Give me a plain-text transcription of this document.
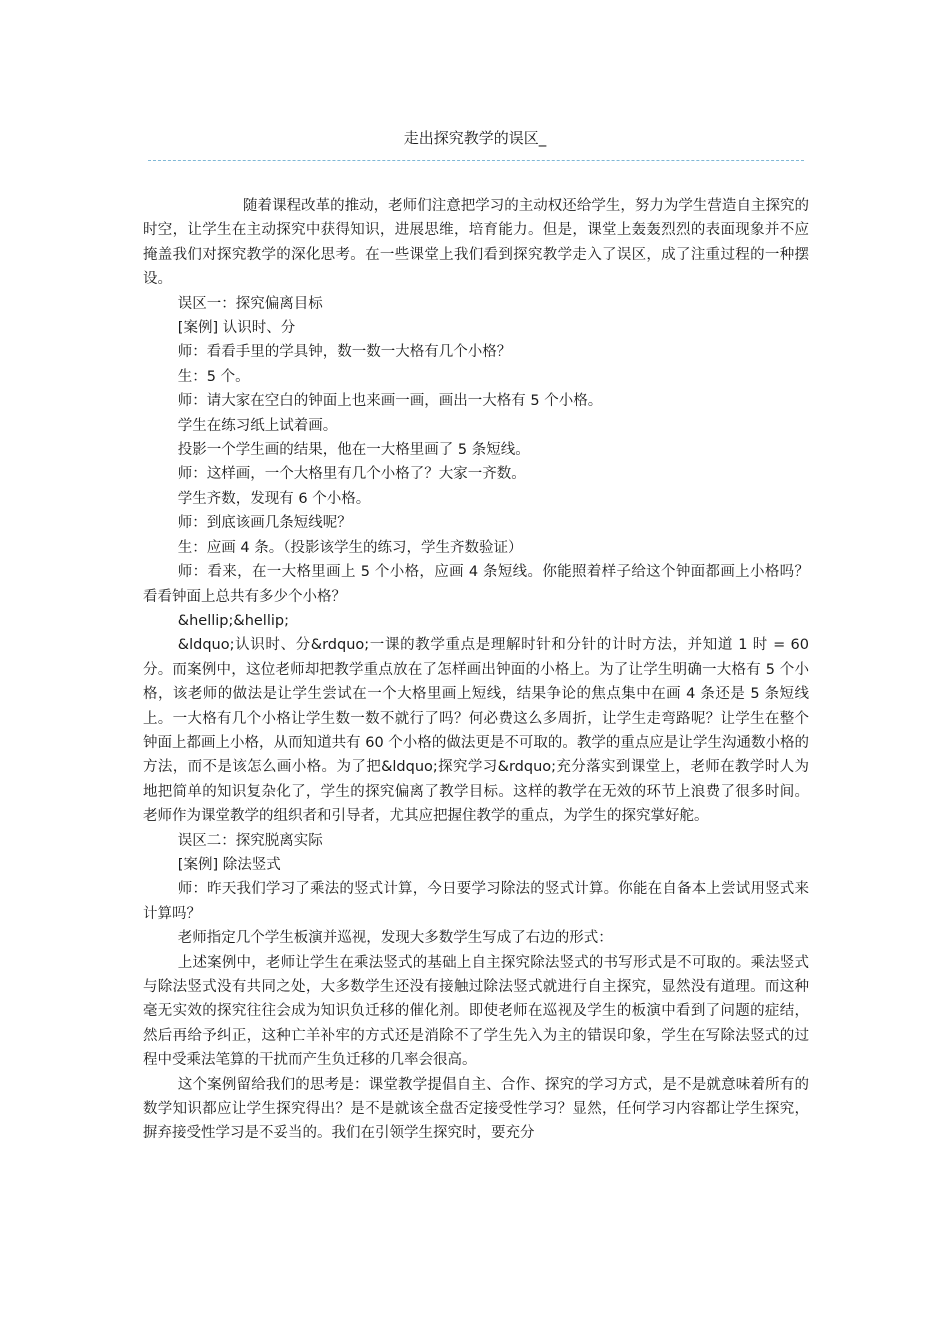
走出探究教学的误区_

随着课程改革的推动，老师们注意把学习的主动权还给学生，努力为学生营造自主探究的时空，让学生在主动探究中获得知识，进展思维，培育能力。但是，课堂上轰轰烈烈的表面现象并不应掩盖我们对探究教学的深化思考。在一些课堂上我们看到探究教学走入了误区，成了注重过程的一种摆设。

误区一：探究偏离目标

[案例] 认识时、分

师：看看手里的学具钟，数一数一大格有几个小格？

生：5 个。

师：请大家在空白的钟面上也来画一画，画出一大格有 5 个小格。

学生在练习纸上试着画。

投影一个学生画的结果，他在一大格里画了 5 条短线。

师：这样画，一个大格里有几个小格了？大家一齐数。

学生齐数，发现有 6 个小格。

师：到底该画几条短线呢？

生：应画 4 条。（投影该学生的练习，学生齐数验证）

师：看来，在一大格里画上 5 个小格，应画 4 条短线。你能照着样子给这个钟面都画上小格吗？看看钟面上总共有多少个小格？

&hellip;&hellip;

&ldquo;认识时、分&rdquo;一课的教学重点是理解时针和分针的计时方法，并知道 1 时 = 60 分。而案例中，这位老师却把教学重点放在了怎样画出钟面的小格上。为了让学生明确一大格有 5 个小格，该老师的做法是让学生尝试在一个大格里画上短线，结果争论的焦点集中在画 4 条还是 5 条短线上。一大格有几个小格让学生数一数不就行了吗？何必费这么多周折，让学生走弯路呢？让学生在整个钟面上都画上小格，从而知道共有 60 个小格的做法更是不可取的。教学的重点应是让学生沟通数小格的方法，而不是该怎么画小格。为了把&ldquo;探究学习&rdquo;充分落实到课堂上，老师在教学时人为地把简单的知识复杂化了，学生的探究偏离了教学目标。这样的教学在无效的环节上浪费了很多时间。老师作为课堂教学的组织者和引导者，尤其应把握住教学的重点，为学生的探究掌好舵。

误区二：探究脱离实际

[案例] 除法竖式

师：昨天我们学习了乘法的竖式计算，今日要学习除法的竖式计算。你能在自备本上尝试用竖式来计算吗？

老师指定几个学生板演并巡视，发现大多数学生写成了右边的形式：

上述案例中，老师让学生在乘法竖式的基础上自主探究除法竖式的书写形式是不可取的。乘法竖式与除法竖式没有共同之处，大多数学生还没有接触过除法竖式就进行自主探究，显然没有道理。而这种毫无实效的探究往往会成为知识负迁移的催化剂。即使老师在巡视及学生的板演中看到了问题的症结，然后再给予纠正，这种亡羊补牢的方式还是消除不了学生先入为主的错误印象，学生在写除法竖式的过程中受乘法笔算的干扰而产生负迁移的几率会很高。

这个案例留给我们的思考是：课堂教学提倡自主、合作、探究的学习方式，是不是就意味着所有的数学知识都应让学生探究得出？是不是就该全盘否定接受性学习？显然，任何学习内容都让学生探究，摒弃接受性学习是不妥当的。我们在引领学生探究时，要充分
